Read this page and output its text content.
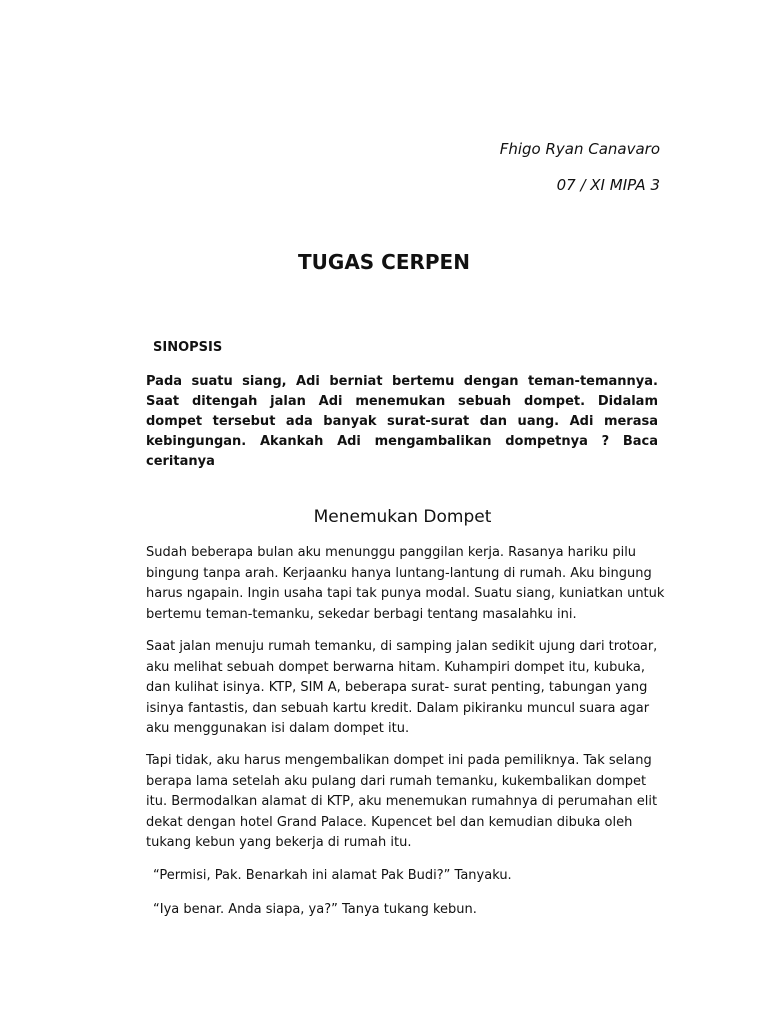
Fhigo Ryan Canavaro
07 / XI MIPA 3
TUGAS CERPEN
SINOPSIS
Pada suatu siang, Adi berniat bertemu dengan teman-temannya. Saat ditengah jalan Adi menemukan sebuah dompet. Didalam dompet tersebut ada banyak surat-surat dan uang. Adi merasa kebingungan. Akankah Adi mengambalikan dompetnya ? Baca ceritanya
Menemukan Dompet
Sudah beberapa bulan aku menunggu panggilan kerja. Rasanya hariku pilu bingung tanpa arah. Kerjaanku hanya luntang-lantung di rumah. Aku bingung harus ngapain. Ingin usaha tapi tak punya modal. Suatu siang, kuniatkan untuk bertemu teman-temanku, sekedar berbagi tentang masalahku ini.
Saat jalan menuju rumah temanku, di samping jalan sedikit ujung dari trotoar, aku melihat sebuah dompet berwarna hitam. Kuhampiri dompet itu, kubuka, dan kulihat isinya. KTP, SIM A, beberapa surat- surat penting, tabungan yang isinya fantastis, dan sebuah kartu kredit. Dalam pikiranku muncul suara agar aku menggunakan isi dalam dompet itu.
Tapi tidak, aku harus mengembalikan dompet ini pada pemiliknya. Tak selang berapa lama setelah aku pulang dari rumah temanku, kukembalikan dompet itu. Bermodalkan alamat di KTP, aku menemukan rumahnya di perumahan elit dekat dengan hotel Grand Palace. Kupencet bel dan kemudian dibuka oleh tukang kebun yang bekerja di rumah itu.
“Permisi, Pak. Benarkah ini alamat Pak Budi?” Tanyaku.
“Iya benar. Anda siapa, ya?” Tanya tukang kebun.
